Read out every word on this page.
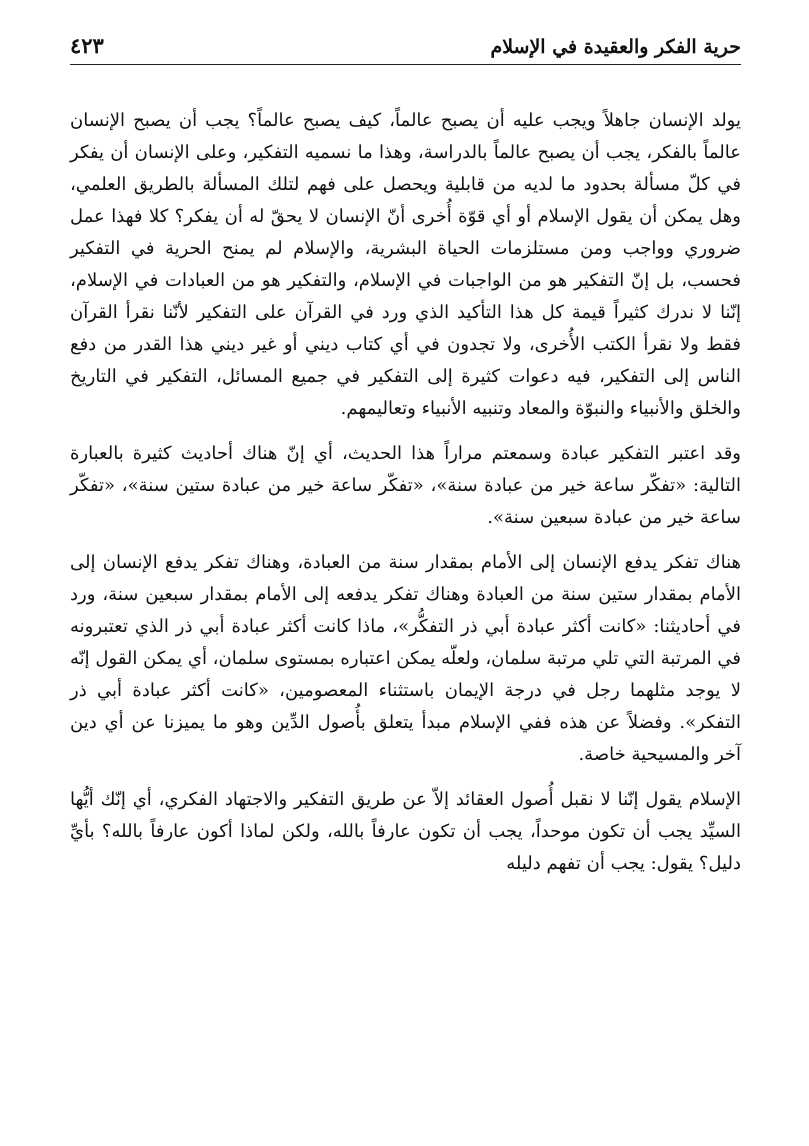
حرية الفكر والعقيدة في الإسلام
٤٢٣

يولد الإنسان جاهلاً ويجب عليه أن يصبح عالماً، كيف يصبح عالماً؟ يجب أن يصبح الإنسان عالماً بالفكر، يجب أن يصبح عالماً بالدراسة، وهذا ما نسميه التفكير، وعلى الإنسان أن يفكر في كلّ مسألة بحدود ما لديه من قابلية ويحصل على فهم لتلك المسألة بالطريق العلمي، وهل يمكن أن يقول الإسلام أو أي قوّة أُخرى أنّ الإنسان لا يحقّ له أن يفكر؟ كلا فهذا عمل ضروري وواجب ومن مستلزمات الحياة البشرية، والإسلام لم يمنح الحرية في التفكير فحسب، بل إنّ التفكير هو من الواجبات في الإسلام، والتفكير هو من العبادات في الإسلام، إنّنا لا ندرك كثيراً قيمة كل هذا التأكيد الذي ورد في القرآن على التفكير لأنّنا نقرأ القرآن فقط ولا نقرأ الكتب الأُخرى، ولا تجدون في أي كتاب ديني أو غير ديني هذا القدر من دفع الناس إلى التفكير، فيه دعوات كثيرة إلى التفكير في جميع المسائل، التفكير في التاريخ والخلق والأنبياء والنبوّة والمعاد وتنبيه الأنبياء وتعاليمهم.

وقد اعتبر التفكير عبادة وسمعتم مراراً هذا الحديث، أي إنّ هناك أحاديث كثيرة بالعبارة التالية: «تفكّر ساعة خير من عبادة سنة»، «تفكّر ساعة خير من عبادة ستين سنة»، «تفكّر ساعة خير من عبادة سبعين سنة».

هناك تفكر يدفع الإنسان إلى الأمام بمقدار سنة من العبادة، وهناك تفكر يدفع الإنسان إلى الأمام بمقدار ستين سنة من العبادة وهناك تفكر يدفعه إلى الأمام بمقدار سبعين سنة، ورد في أحاديثنا: «كانت أكثر عبادة أبي ذر التفكُّر»، ماذا كانت أكثر عبادة أبي ذر الذي تعتبرونه في المرتبة التي تلي مرتبة سلمان، ولعلّه يمكن اعتباره بمستوى سلمان، أي يمكن القول إنّه لا يوجد مثلهما رجل في درجة الإيمان باستثناء المعصومين، «كانت أكثر عبادة أبي ذر التفكر». وفضلاً عن هذه ففي الإسلام مبدأ يتعلق بأُصول الدِّين وهو ما يميزنا عن أي دين آخر والمسيحية خاصة.

الإسلام يقول إنّنا لا نقبل أُصول العقائد إلاّ عن طريق التفكير والاجتهاد الفكري، أي إنّك أيُّها السيِّد يجب أن تكون موحداً، يجب أن تكون عارفاً بالله، ولكن لماذا أكون عارفاً بالله؟ بأيِّ دليل؟ يقول: يجب أن تفهم دليله
